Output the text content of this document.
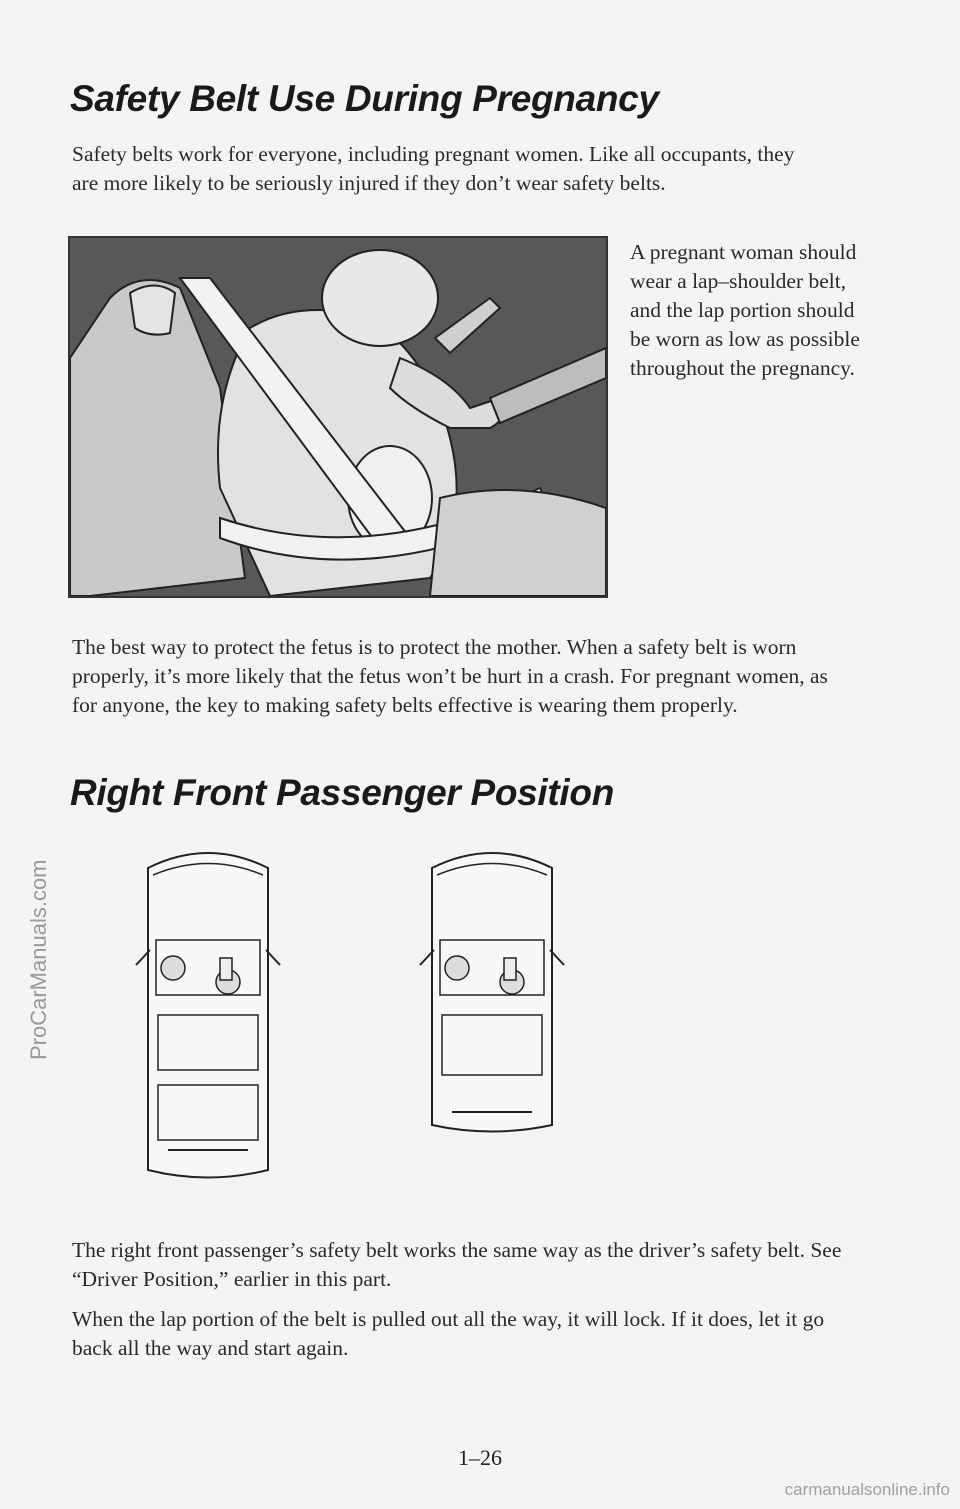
Safety Belt Use During Pregnancy

Safety belts work for everyone, including pregnant women. Like all occupants, they are more likely to be seriously injured if they don’t wear safety belts.

A pregnant woman should wear a lap–shoulder belt, and the lap portion should be worn as low as possible throughout the pregnancy.

The best way to protect the fetus is to protect the mother. When a safety belt is worn properly, it’s more likely that the fetus won’t be hurt in a crash. For pregnant women, as for anyone, the key to making safety belts effective is wearing them properly.

Right Front Passenger Position

The right front passenger’s safety belt works the same way as the driver’s safety belt. See “Driver Position,” earlier in this part.

When the lap portion of the belt is pulled out all the way, it will lock. If it does, let it go back all the way and start again.

ProCarManuals.com
1–26
carmanualsonline.info
